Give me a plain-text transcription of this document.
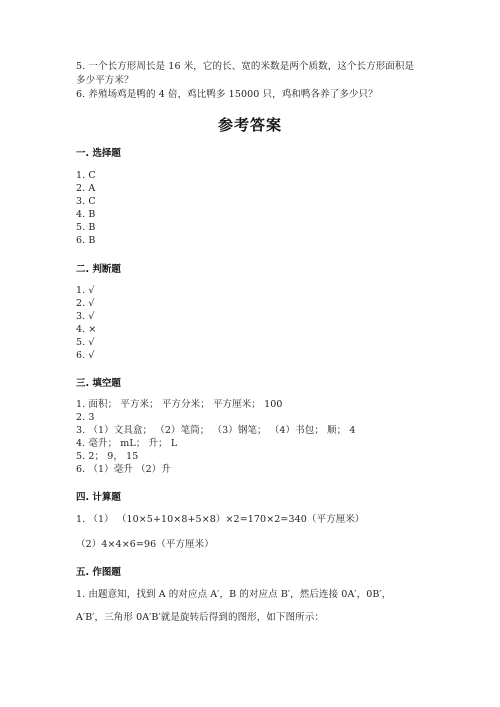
5. 一个长方形周长是 16 米，它的长、宽的米数是两个质数，这个长方形面积是
多少平方米？
6. 养殖场鸡是鸭的 4 倍，鸡比鸭多 15000 只，鸡和鸭各养了多少只？
参考答案
一. 选择题
1. C
2. A
3. C
4. B
5. B
6. B
二. 判断题
1. √
2. √
3. √
4. ×
5. √
6. √
三. 填空题
1. 面积； 平方米； 平方分米； 平方厘米； 100
2. 3
3. （1）文具盒； （2）笔筒； （3）钢笔； （4）书包； 顺； 4
4. 毫升； mL； 升； L
5. 2； 9， 15
6. （1）毫升 （2）升
四. 计算题
1. （1） （10×5+10×8+5×8）×2=170×2=340（平方厘米）
（2）4×4×6=96（平方厘米）
五. 作图题
1. 由题意知，找到 A 的对应点 A′，B 的对应点 B′，然后连接 0A′，0B′，
A′B′，三角形 0A′B′就是旋转后得到的图形，如下图所示：
